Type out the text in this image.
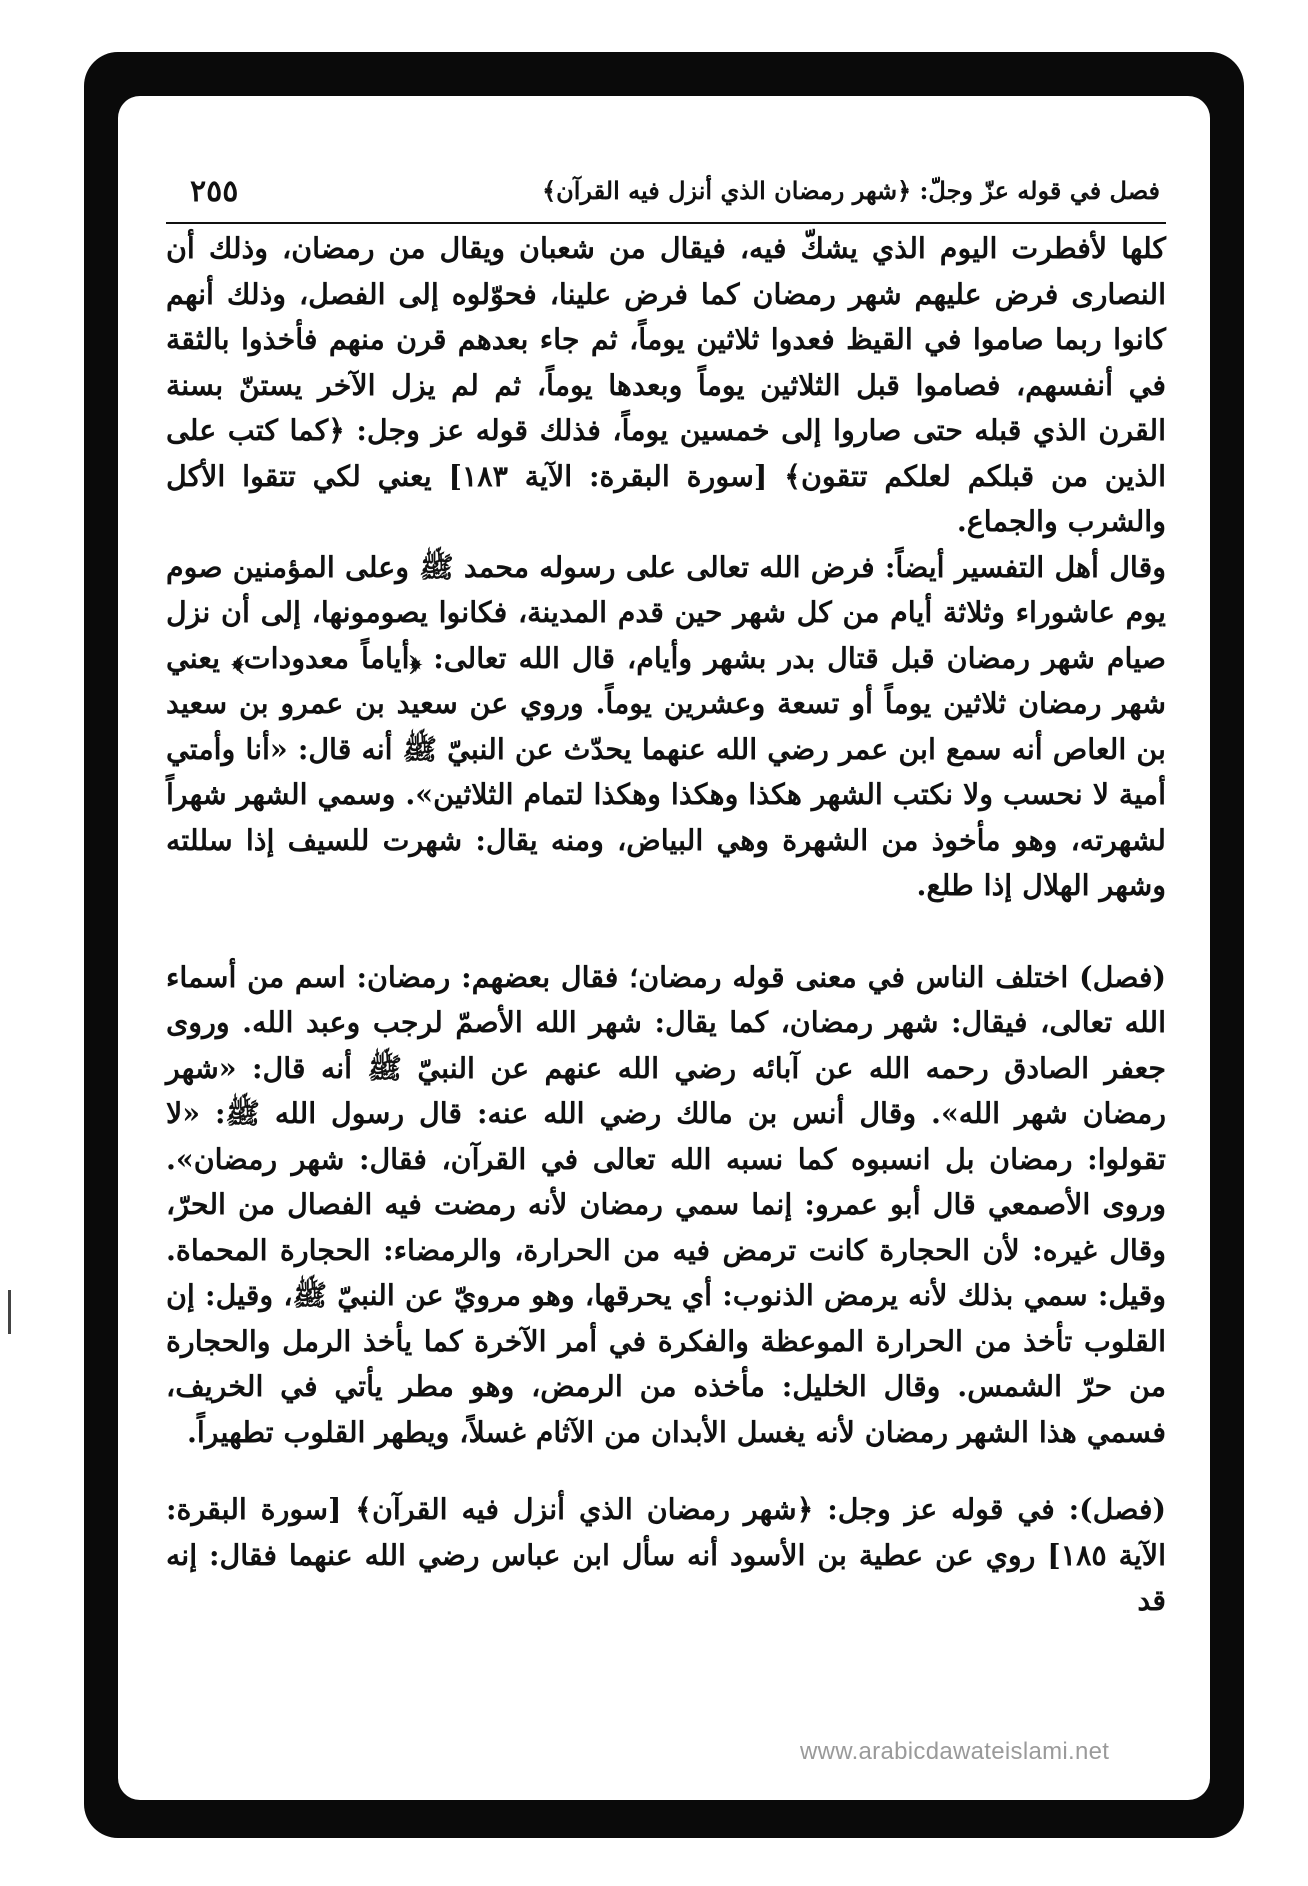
فصل في قوله عزّ وجلّ: ﴿شهر رمضان الذي أنزل فيه القرآن﴾
٢٥٥

كلها لأفطرت اليوم الذي يشكّ فيه، فيقال من شعبان ويقال من رمضان، وذلك أن النصارى فرض عليهم شهر رمضان كما فرض علينا، فحوّلوه إلى الفصل، وذلك أنهم كانوا ربما صاموا في القيظ فعدوا ثلاثين يوماً، ثم جاء بعدهم قرن منهم فأخذوا بالثقة في أنفسهم، فصاموا قبل الثلاثين يوماً وبعدها يوماً، ثم لم يزل الآخر يستنّ بسنة القرن الذي قبله حتى صاروا إلى خمسين يوماً، فذلك قوله عز وجل: ﴿كما كتب على الذين من قبلكم لعلكم تتقون﴾ [سورة البقرة: الآية ١٨٣] يعني لكي تتقوا الأكل والشرب والجماع.

وقال أهل التفسير أيضاً: فرض الله تعالى على رسوله محمد ﷺ وعلى المؤمنين صوم يوم عاشوراء وثلاثة أيام من كل شهر حين قدم المدينة، فكانوا يصومونها، إلى أن نزل صيام شهر رمضان قبل قتال بدر بشهر وأيام، قال الله تعالى: ﴿أياماً معدودات﴾ يعني شهر رمضان ثلاثين يوماً أو تسعة وعشرين يوماً. وروي عن سعيد بن عمرو بن سعيد بن العاص أنه سمع ابن عمر رضي الله عنهما يحدّث عن النبيّ ﷺ أنه قال: «أنا وأمتي أمية لا نحسب ولا نكتب الشهر هكذا وهكذا وهكذا لتمام الثلاثين». وسمي الشهر شهراً لشهرته، وهو مأخوذ من الشهرة وهي البياض، ومنه يقال: شهرت للسيف إذا سللته وشهر الهلال إذا طلع.

(فصل) اختلف الناس في معنى قوله رمضان؛ فقال بعضهم: رمضان: اسم من أسماء الله تعالى، فيقال: شهر رمضان، كما يقال: شهر الله الأصمّ لرجب وعبد الله. وروى جعفر الصادق رحمه الله عن آبائه رضي الله عنهم عن النبيّ ﷺ أنه قال: «شهر رمضان شهر الله». وقال أنس بن مالك رضي الله عنه: قال رسول الله ﷺ: «لا تقولوا: رمضان بل انسبوه كما نسبه الله تعالى في القرآن، فقال: شهر رمضان». وروى الأصمعي قال أبو عمرو: إنما سمي رمضان لأنه رمضت فيه الفصال من الحرّ، وقال غيره: لأن الحجارة كانت ترمض فيه من الحرارة، والرمضاء: الحجارة المحماة. وقيل: سمي بذلك لأنه يرمض الذنوب: أي يحرقها، وهو مرويّ عن النبيّ ﷺ، وقيل: إن القلوب تأخذ من الحرارة الموعظة والفكرة في أمر الآخرة كما يأخذ الرمل والحجارة من حرّ الشمس. وقال الخليل: مأخذه من الرمض، وهو مطر يأتي في الخريف، فسمي هذا الشهر رمضان لأنه يغسل الأبدان من الآثام غسلاً، ويطهر القلوب تطهيراً.

(فصل): في قوله عز وجل: ﴿شهر رمضان الذي أنزل فيه القرآن﴾ [سورة البقرة: الآية ١٨٥] روي عن عطية بن الأسود أنه سأل ابن عباس رضي الله عنهما فقال: إنه قد

www.arabicdawateislami.net
